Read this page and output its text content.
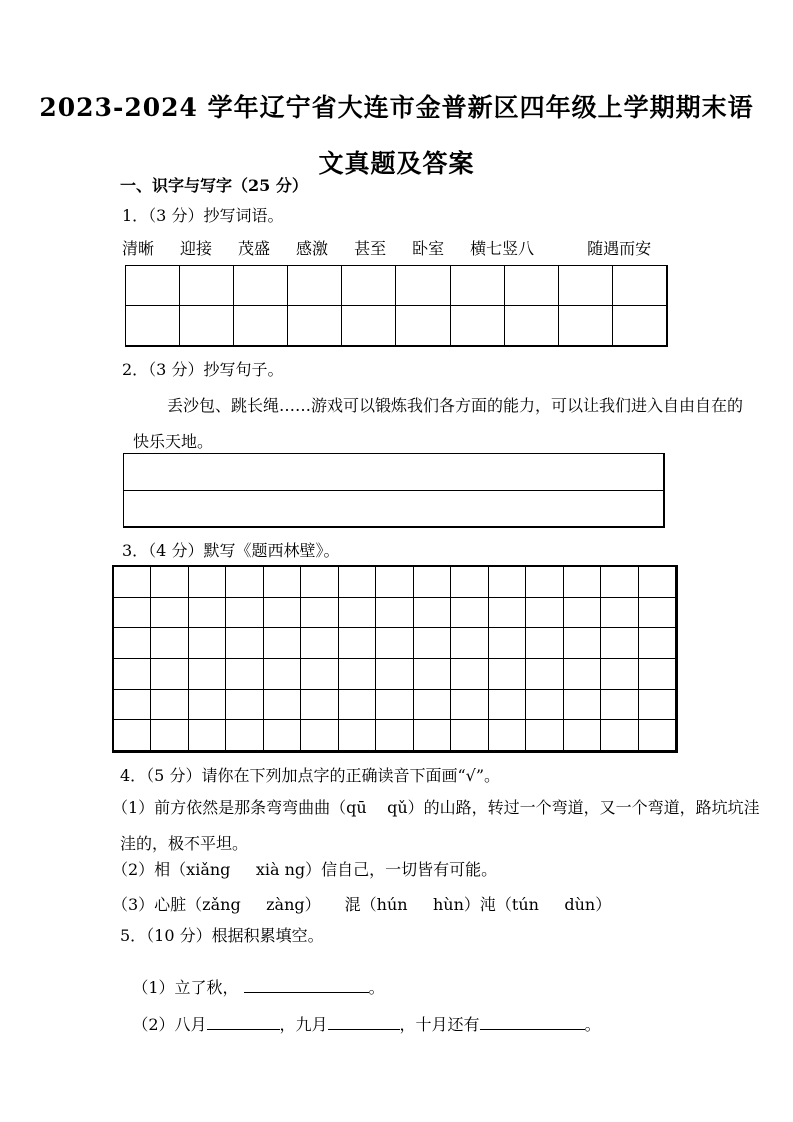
2023-2024 学年辽宁省大连市金普新区四年级上学期期末语
文真题及答案
一、识字与写字（25 分）
1．（3 分）抄写词语。
清晰 迎接 茂盛 感激 甚至 卧室 横七竖八	随遇而安
2．（3 分）抄写句子。
丢沙包、跳长绳……游戏可以锻炼我们各方面的能力，可以让我们进入自由自在的
快乐天地。
3．（4 分）默写《题西林壁》。
4．（5 分）请你在下列加点字的正确读音下面画“√”。
（1）前方依然是那条弯弯曲曲（qū    qǔ）的山路，转过一个弯道，又一个弯道，路坑坑洼
洼的，极不平坦。
（2）相（xiǎng     xià ng）信自己，一切皆有可能。
（3）心脏（zǎng     zàng）　　混（hún     hùn）沌（tún     dùn）
5．（10 分）根据积累填空。

（1）立了秋，	。

（2）八月	，九月	，十月还有	。
